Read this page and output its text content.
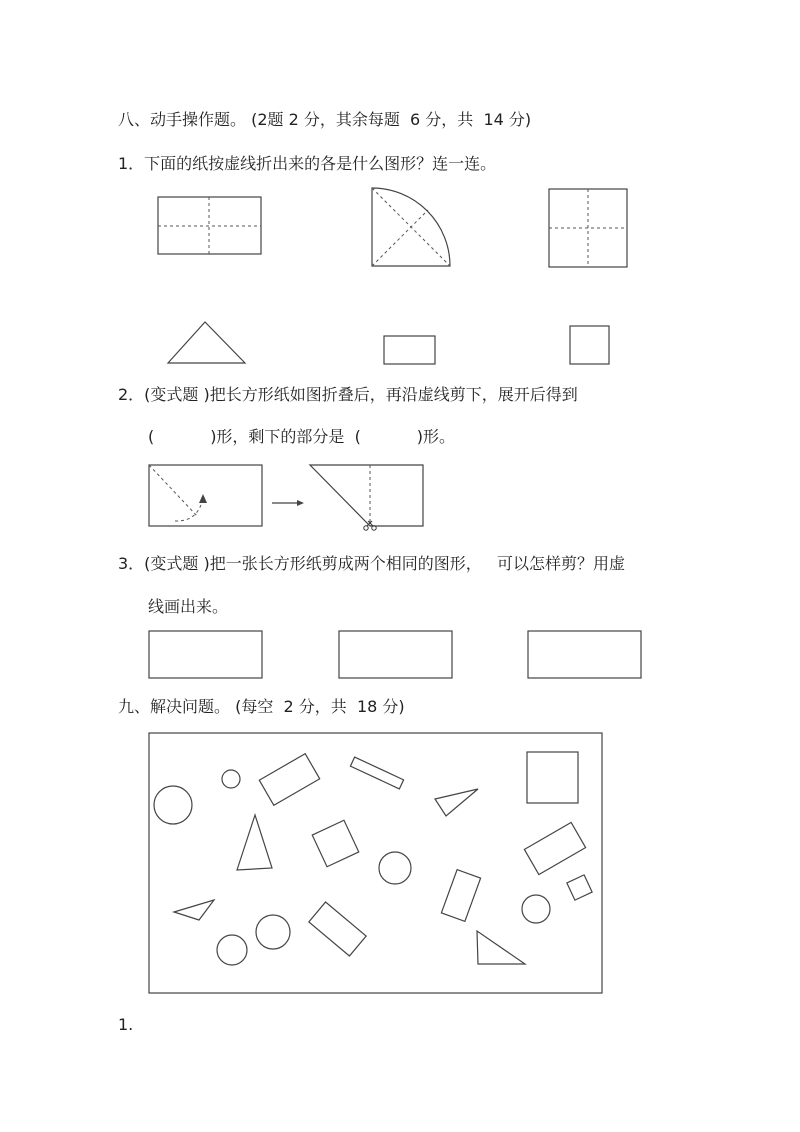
八、动手操作题。 (2题 2 分，其余每题  6 分，共  14 分)
1．下面的纸按虚线折出来的各是什么图形？连一连。
2．(变式题 )把长方形纸如图折叠后，再沿虚线剪下，展开后得到
(           )形，剩下的部分是  (           )形。
3．(变式题 )把一张长方形纸剪成两个相同的图形，   可以怎样剪？用虚
线画出来。
九、解决问题。 (每空  2 分，共  18 分)
1.
